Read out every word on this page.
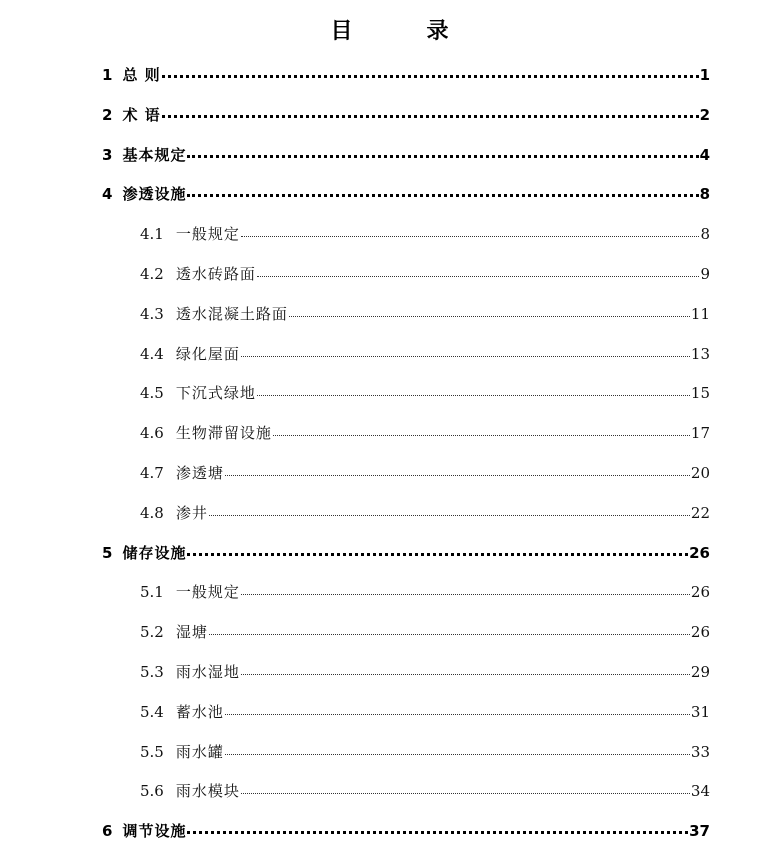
目　录
1 总 则	1
2 术 语	2
3 基本规定	4
4 渗透设施	8
4.1 一般规定	8
4.2 透水砖路面	9
4.3 透水混凝土路面	11
4.4 绿化屋面	13
4.5 下沉式绿地	15
4.6 生物滞留设施	17
4.7 渗透塘	20
4.8 渗井	22
5 储存设施	26
5.1 一般规定	26
5.2 湿塘	26
5.3 雨水湿地	29
5.4 蓄水池	31
5.5 雨水罐	33
5.6 雨水模块	34
6 调节设施	37
